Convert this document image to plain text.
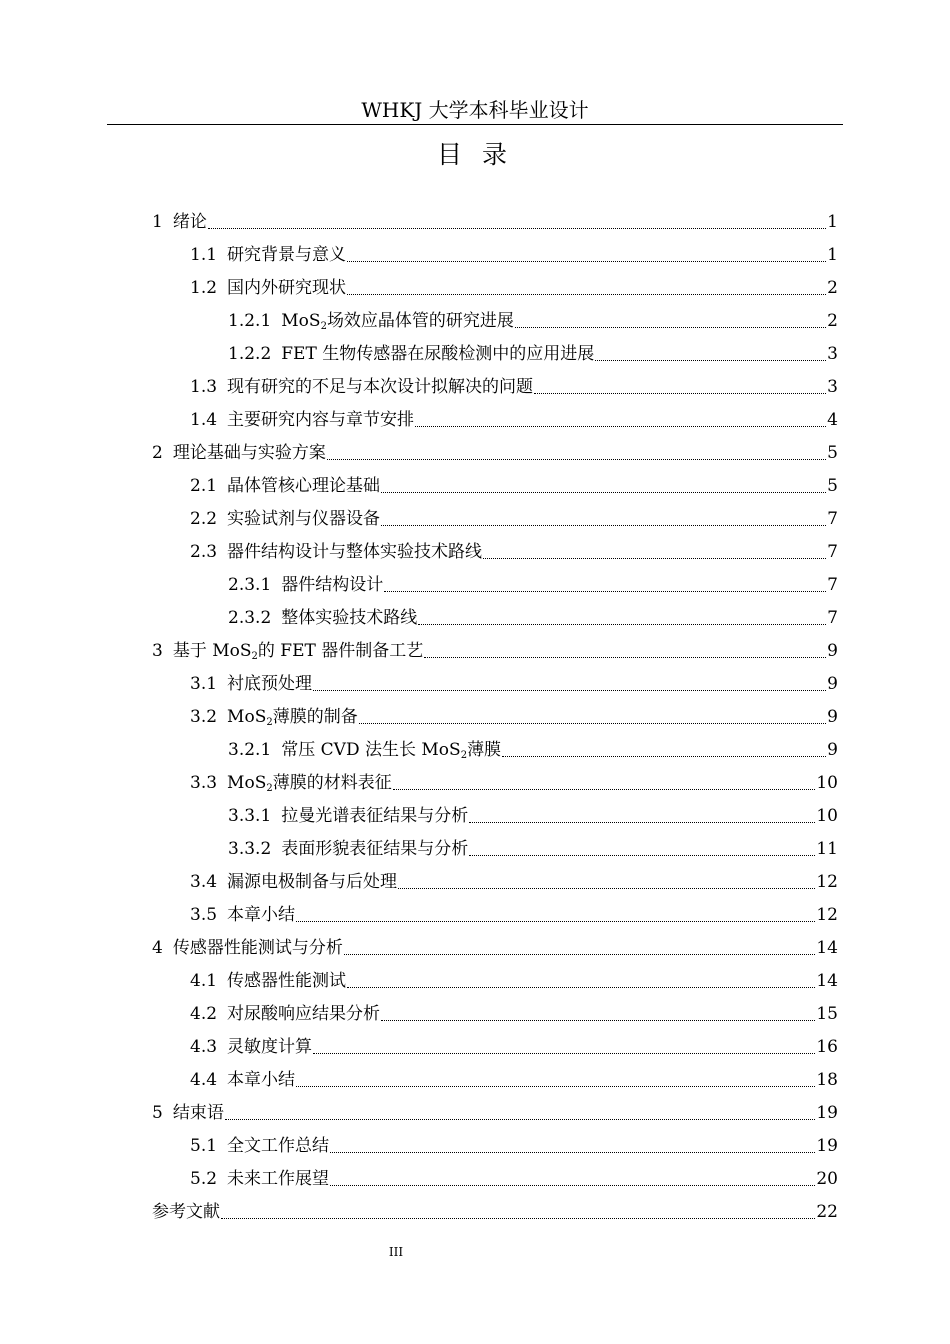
WHKJ 大学本科毕业设计
目 录
1 绪论	1
1.1 研究背景与意义	1
1.2 国内外研究现状	2
1.2.1 MoS$_2$场效应晶体管的研究进展	2
1.2.2 FET 生物传感器在尿酸检测中的应用进展	3
1.3 现有研究的不足与本次设计拟解决的问题	3
1.4 主要研究内容与章节安排	4
2 理论基础与实验方案	5
2.1 晶体管核心理论基础	5
2.2 实验试剂与仪器设备	7
2.3 器件结构设计与整体实验技术路线	7
2.3.1 器件结构设计	7
2.3.2 整体实验技术路线	7
3 基于 MoS$_2$的 FET 器件制备工艺	9
3.1 衬底预处理	9
3.2 MoS$_2$薄膜的制备	9
3.2.1 常压 CVD 法生长 MoS$_2$薄膜	9
3.3 MoS$_2$薄膜的材料表征	10
3.3.1 拉曼光谱表征结果与分析	10
3.3.2 表面形貌表征结果与分析	11
3.4 漏源电极制备与后处理	12
3.5 本章小结	12
4 传感器性能测试与分析	14
4.1 传感器性能测试	14
4.2 对尿酸响应结果分析	15
4.3 灵敏度计算	16
4.4 本章小结	18
5 结束语	19
5.1 全文工作总结	19
5.2 未来工作展望	20
参考文献	22
III
